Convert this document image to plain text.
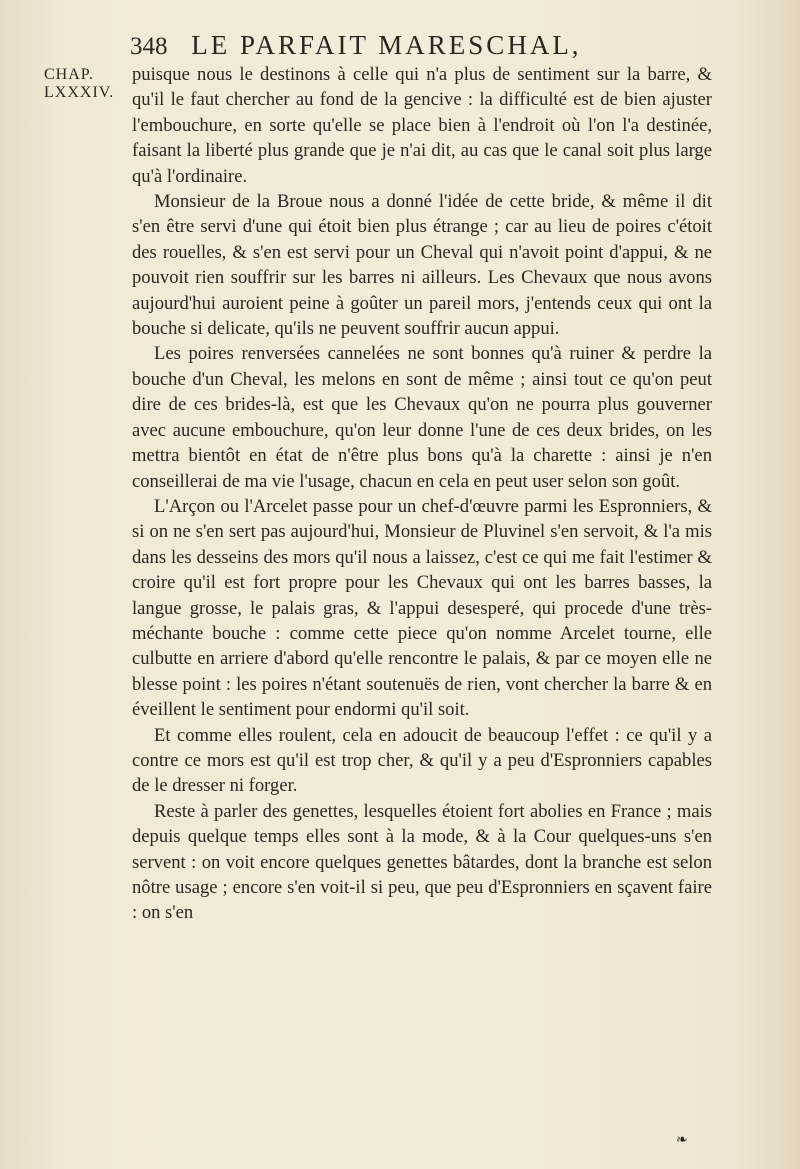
348 LE PARFAIT MARESCHAL,
CHAP.
LXXXIV.

puisque nous le destinons à celle qui n'a plus de sentiment sur la barre, & qu'il le faut chercher au fond de la gencive : la difficulté est de bien ajuster l'embouchure, en sorte qu'elle se place bien à l'endroit où l'on l'a destinée, faisant la liberté plus grande que je n'ai dit, au cas que le canal soit plus large qu'à l'ordinaire.

Monsieur de la Broue nous a donné l'idée de cette bride, & même il dit s'en être servi d'une qui étoit bien plus étrange ; car au lieu de poires c'étoit des rouelles, & s'en est servi pour un Cheval qui n'avoit point d'appui, & ne pouvoit rien souffrir sur les barres ni ailleurs. Les Chevaux que nous avons aujourd'hui auroient peine à goûter un pareil mors, j'entends ceux qui ont la bouche si delicate, qu'ils ne peuvent souffrir aucun appui.

Les poires renversées cannelées ne sont bonnes qu'à ruiner & perdre la bouche d'un Cheval, les melons en sont de même ; ainsi tout ce qu'on peut dire de ces brides-là, est que les Chevaux qu'on ne pourra plus gouverner avec aucune embouchure, qu'on leur donne l'une de ces deux brides, on les mettra bientôt en état de n'être plus bons qu'à la charette : ainsi je n'en conseillerai de ma vie l'usage, chacun en cela en peut user selon son goût.

L'Arçon ou l'Arcelet passe pour un chef-d'œuvre parmi les Espronniers, & si on ne s'en sert pas aujourd'hui, Monsieur de Pluvinel s'en servoit, & l'a mis dans les desseins des mors qu'il nous a laissez, c'est ce qui me fait l'estimer & croire qu'il est fort propre pour les Chevaux qui ont les barres basses, la langue grosse, le palais gras, & l'appui desesperé, qui procede d'une très-méchante bouche : comme cette piece qu'on nomme Arcelet tourne, elle culbutte en arriere d'abord qu'elle rencontre le palais, & par ce moyen elle ne blesse point : les poires n'étant soutenuës de rien, vont chercher la barre & en éveillent le sentiment pour endormi qu'il soit.

Et comme elles roulent, cela en adoucit de beaucoup l'effet : ce qu'il y a contre ce mors est qu'il est trop cher, & qu'il y a peu d'Espronniers capables de le dresser ni forger.

Reste à parler des genettes, lesquelles étoient fort abolies en France ; mais depuis quelque temps elles sont à la mode, & à la Cour quelques-uns s'en servent : on voit encore quelques genettes bâtardes, dont la branche est selon nôtre usage ; encore s'en voit-il si peu, que peu d'Espronniers en sçavent faire : on s'en

❧
